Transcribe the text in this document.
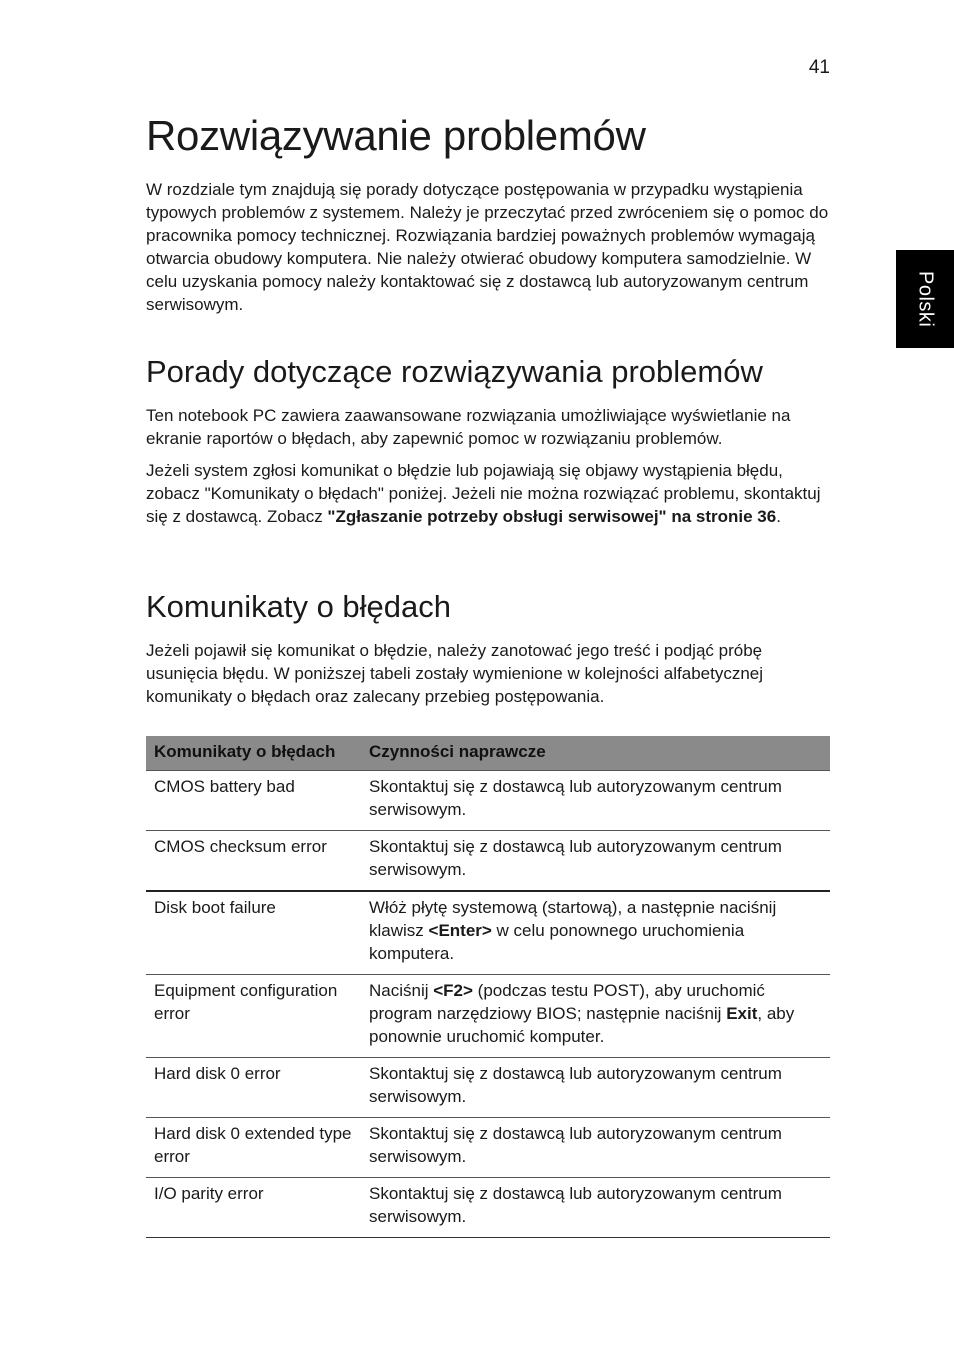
41
Polski
Rozwiązywanie problemów

W rozdziale tym znajdują się porady dotyczące postępowania w przypadku wystąpienia typowych problemów z systemem. Należy je przeczytać przed zwróceniem się o pomoc do pracownika pomocy technicznej. Rozwiązania bardziej poważnych problemów wymagają otwarcia obudowy komputera. Nie należy otwierać obudowy komputera samodzielnie. W celu uzyskania pomocy należy kontaktować się z dostawcą lub autoryzowanym centrum serwisowym.

Porady dotyczące rozwiązywania problemów

Ten notebook PC zawiera zaawansowane rozwiązania umożliwiające wyświetlanie na ekranie raportów o błędach, aby zapewnić pomoc w rozwiązaniu problemów.

Jeżeli system zgłosi komunikat o błędzie lub pojawiają się objawy wystąpienia błędu, zobacz "Komunikaty o błędach" poniżej. Jeżeli nie można rozwiązać problemu, skontaktuj się z dostawcą. Zobacz "Zgłaszanie potrzeby obsługi serwisowej" na stronie 36.

Komunikaty o błędach

Jeżeli pojawił się komunikat o błędzie, należy zanotować jego treść i podjąć próbę usunięcia błędu. W poniższej tabeli zostały wymienione w kolejności alfabetycznej komunikaty o błędach oraz zalecany przebieg postępowania.

Komunikaty o błędach	Czynności naprawcze
CMOS battery bad	Skontaktuj się z dostawcą lub autoryzowanym centrum serwisowym.
CMOS checksum error	Skontaktuj się z dostawcą lub autoryzowanym centrum serwisowym.
Disk boot failure	Włóż płytę systemową (startową), a następnie naciśnij klawisz <Enter> w celu ponownego uruchomienia komputera.
Equipment configuration error	Naciśnij <F2> (podczas testu POST), aby uruchomić program narzędziowy BIOS; następnie naciśnij Exit, aby ponownie uruchomić komputer.
Hard disk 0 error	Skontaktuj się z dostawcą lub autoryzowanym centrum serwisowym.
Hard disk 0 extended type error	Skontaktuj się z dostawcą lub autoryzowanym centrum serwisowym.
I/O parity error	Skontaktuj się z dostawcą lub autoryzowanym centrum serwisowym.
